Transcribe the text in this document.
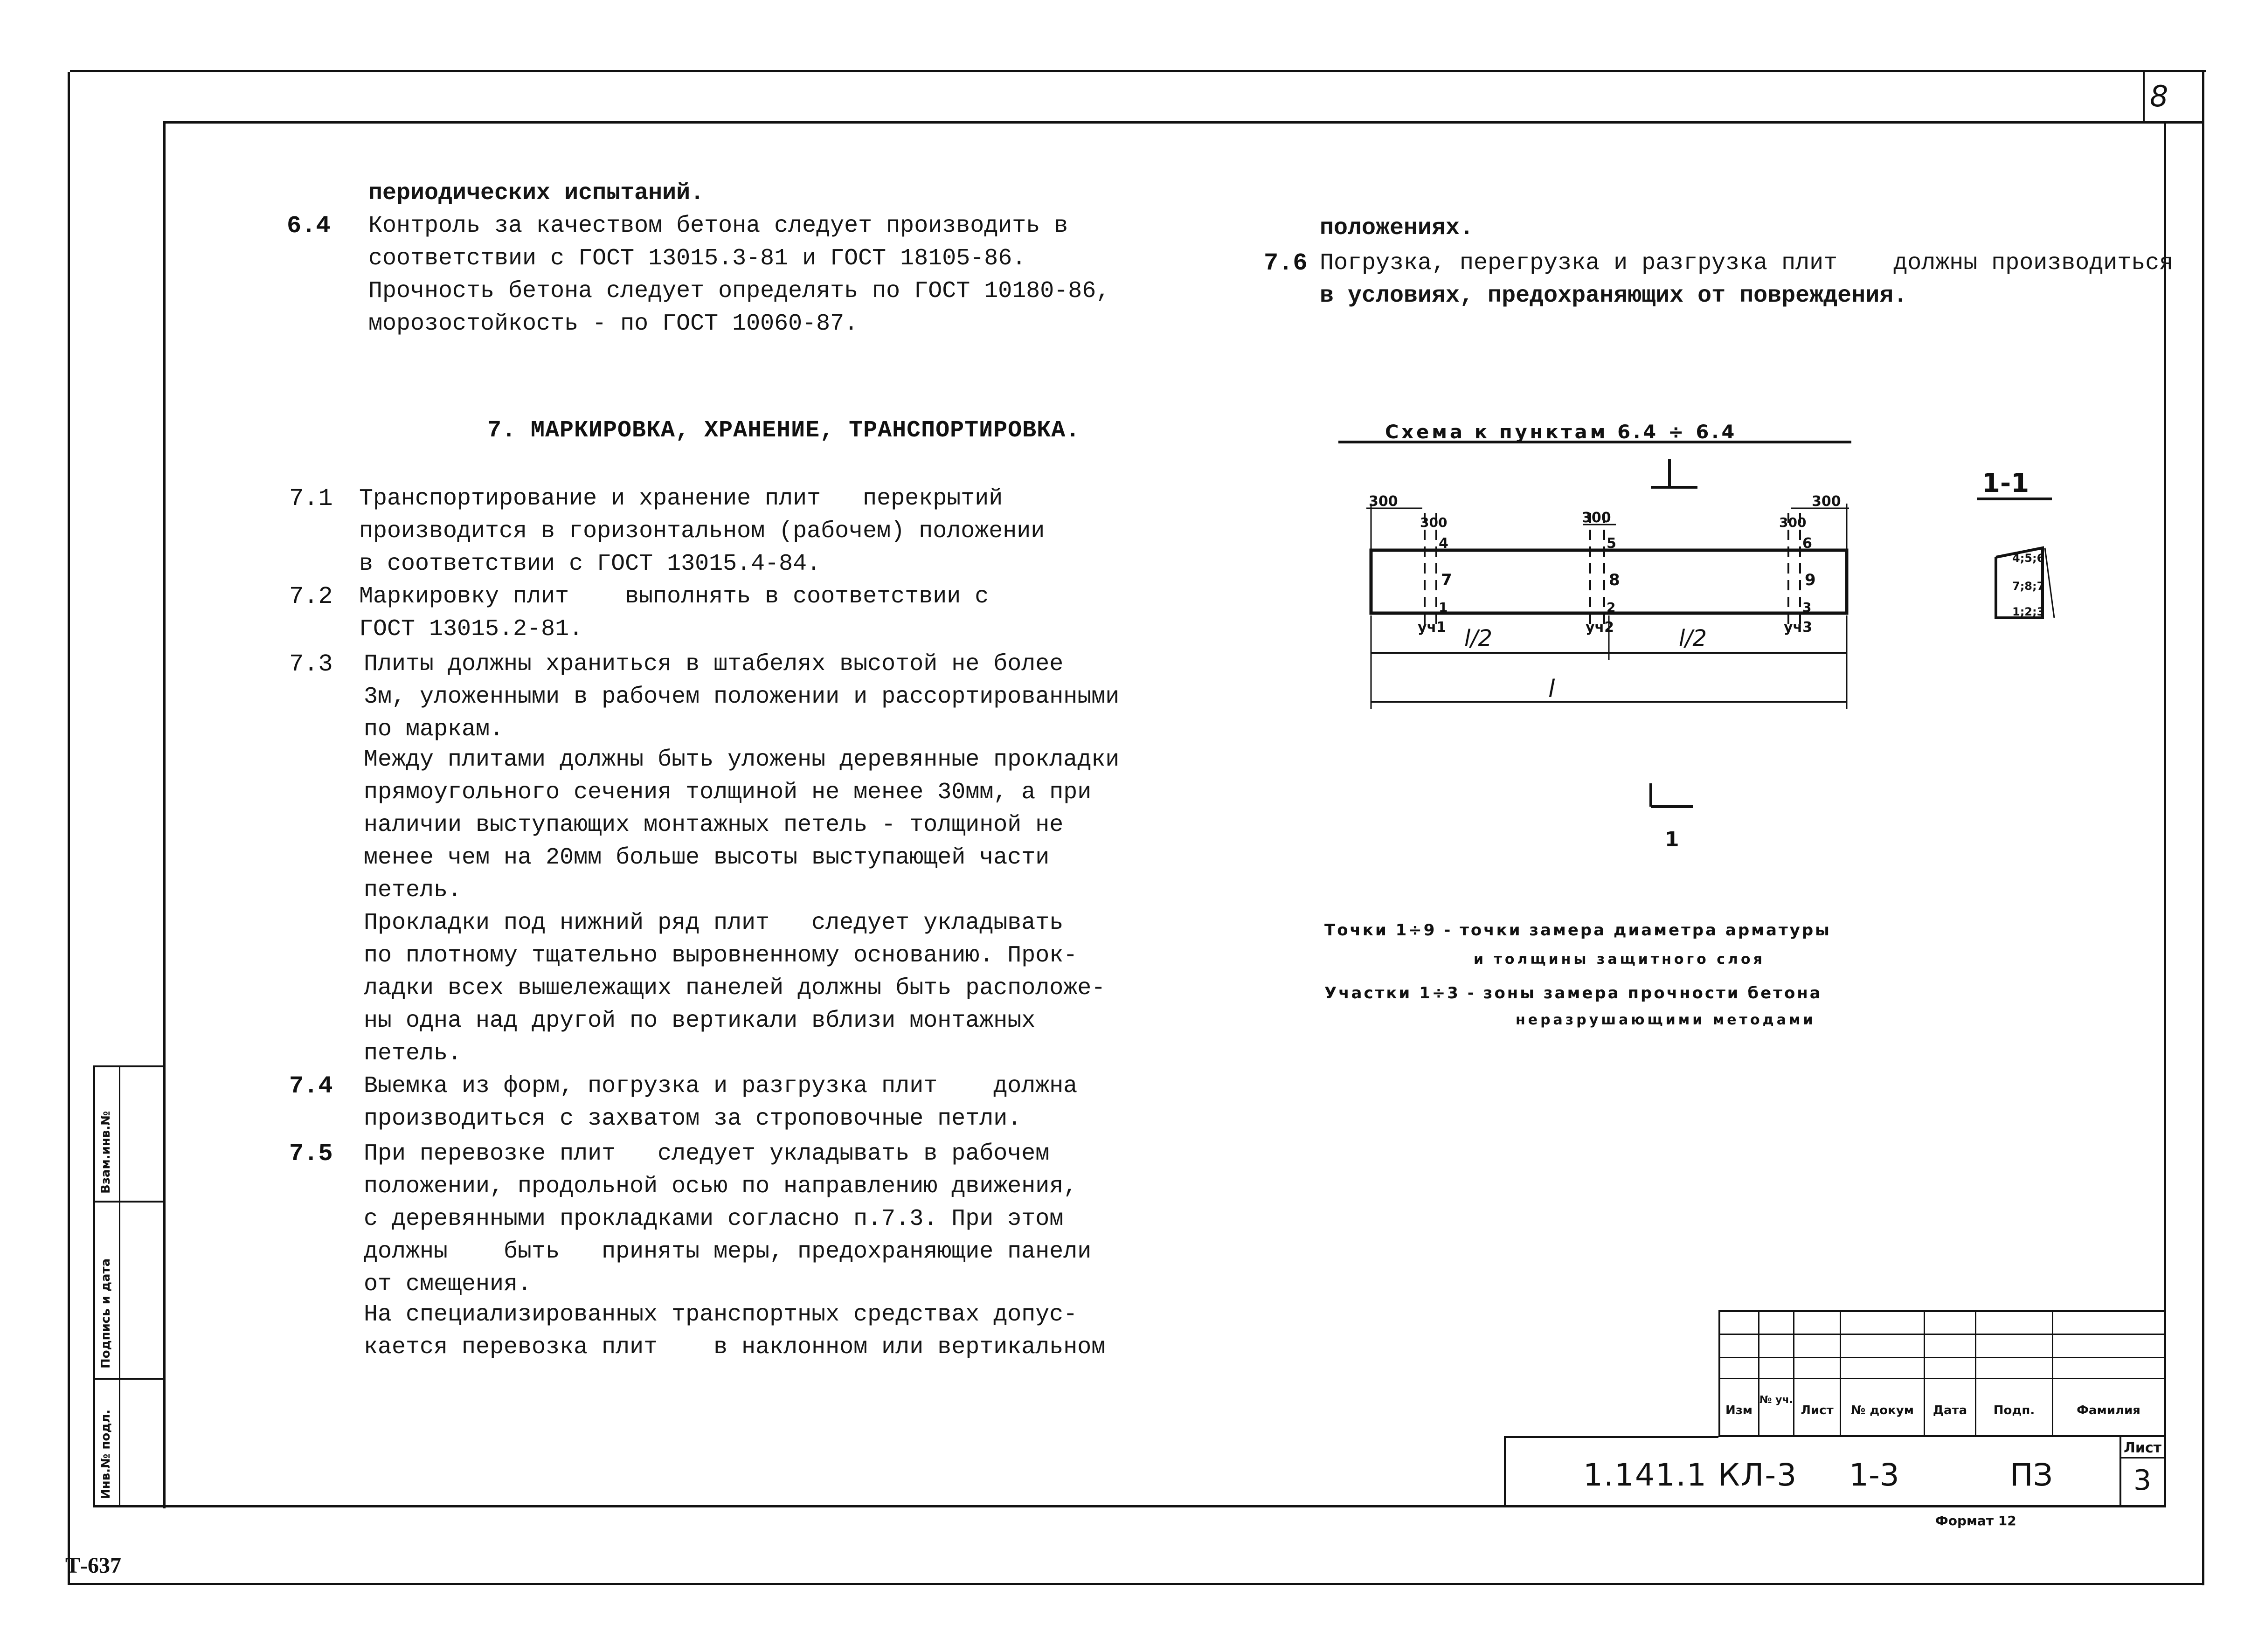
8
Взам.инв.№
Подпись и дата
Инв.№ подл.
Т-637
периодических испытаний.
6.4 Контроль за качеством бетона следует производить в
соответствии с ГОСТ 13015.3-81 и ГОСТ 18105-86.
Прочность бетона следует определять по ГОСТ 10180-86,
морозостойкость - по ГОСТ 10060-87.
7. МАРКИРОВКА, ХРАНЕНИЕ, ТРАНСПОРТИРОВКА.
7.1 Транспортирование и хранение плит   перекрытий
производится в горизонтальном (рабочем) положении
в соответствии с ГОСТ 13015.4-84.
7.2 Маркировку плит    выполнять в соответствии с
ГОСТ 13015.2-81.
7.3 Плиты должны храниться в штабелях высотой не более
3м, уложенными в рабочем положении и рассортированными
по маркам.
Между плитами должны быть уложены деревянные прокладки
прямоугольного сечения толщиной не менее 30мм, а при
наличии выступающих монтажных петель - толщиной не
менее чем на 20мм больше высоты выступающей части
петель.
Прокладки под нижний ряд плит   следует укладывать
по плотному тщательно выровненному основанию. Прок-
ладки всех вышележащих панелей должны быть расположе-
ны одна над другой по вертикали вблизи монтажных
петель.
7.4 Выемка из форм, погрузка и разгрузка плит    должна
производиться с захватом за строповочные петли.
7.5 При перевозке плит   следует укладывать в рабочем
положении, продольной осью по направлению движения,
с деревянными прокладками согласно п.7.3. При этом
должны    быть   приняты меры, предохраняющие панели
от смещения.
На специализированных транспортных средствах допус-
кается перевозка плит    в наклонном или вертикальном
положениях.
7.6 Погрузка, перегрузка и разгрузка плит    должны производиться
в условиях, предохраняющих от повреждения.
Схема к пунктам 6.4 ÷ 6.4
300
300	300	300
300
4	5	6
7	8	9
1	2	3
уч1	уч2	уч3
l/2	l/2
l
1
1-1
4;5;6
7;8;7
1;2;3
Точки 1÷9 - точки замера диаметра арматуры
и толщины защитного слоя
Участки 1÷3 - зоны замера прочности бетона
неразрушающими методами
Изм
№ уч.
Лист	№ докум	Дата	Подп.	Фамилия
1.141.1 КЛ-3 1-3	ПЗ
Лист
3
Формат 12
